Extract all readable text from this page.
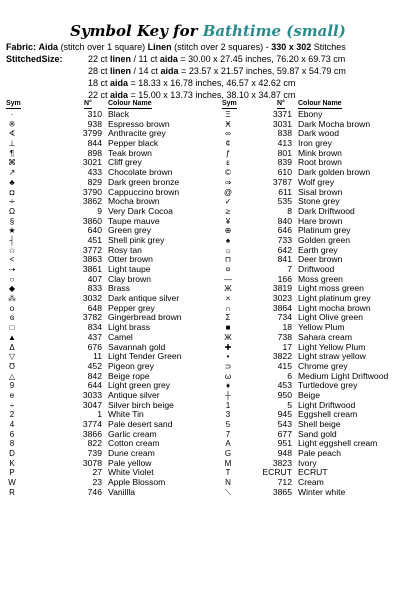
Symbol Key for Bathtime (small)
Fabric: Aida (stitch over 1 square) Linen (stitch over 2 squares) - 330 x 302 Stitches
StitchedSize:	22 ct linen / 11 ct aida = 30.00 x 27.45 inches, 76.20 x 69.73 cm
28 ct linen / 14 ct aida = 23.57 x 21.57 inches, 59.87 x 54.79 cm
18 ct aida = 18.33 x 16.78 inches, 46.57 x 42.62 cm
22 ct aida = 15.00 x 13.73 inches, 38.10 x 34.87 cm
Sym	N° Colour Name
·	310 Black
※	938 Espresso brown
∢	3799 Anthracite grey
⊥	844 Pepper black
¶	898 Teak brown
⌘	3021 Cliff grey
↗	433 Chocolate brown
♣	829 Dark green bronze
◘	3790 Cappuccino brown
∻	3862 Mocha brown
Ω	9 Very Dark Cocoa
§	3860 Taupe mauve
★	640 Green grey
┤	451 Shell pink grey
☆	3772 Rosy tan
<	3863 Otter brown
⇢	3861 Light taupe
○	407 Clay brown
◆	833 Brass
⁂	3032 Dark antique silver
o	648 Pepper grey
ɞ	3782 Gingerbread brown
□	834 Light brass
▲	437 Camel
Δ	676 Savannah gold
▽	11 Light Tender Green
Ʊ	452 Pigeon grey
△	842 Beige rope
9	644 Light green grey
e	3033 Antique silver
÷	3047 Silver birch beige
2	1 White Tin
4	3774 Pale desert sand
6	3866 Garlic cream
8	822 Cotton cream
D	739 Dune cream
K	3078 Pale yellow
P	27 White Violet
W	23 Apple Blossom
R	746 Vanillla
Sym	N° Colour Name
Ξ	3371 Ebony
Ӿ	3031 Dark Mocha brown
∞	838 Dark wood
¢	413 Iron grey
ƒ	801 Mink brown
ε	839 Root brown
©	610 Dark golden brown
⇒	3787 Wolf grey
@	611 Sisal brown
✓	535 Stone grey
≥	8 Dark Driftwood
¥	840 Hare brown
⊕	646 Platinum grey
♠	733 Golden green
☼	642 Earth grey
⊓	841 Deer brown
¤	7 Driftwood
—	166 Moss green
Ж	3819 Light moss green
×	3023 Light platinum grey
∩	3864 Light mocha brown
Σ	734 Light Olive green
■	18 Yellow Plum
Ж	738 Sahara cream
✚	17 Light Yellow Plum
•	3822 Light straw yellow
⊃	415 Chrome grey
ω	6 Medium Light Driftwood
♦	453 Turtledove grey
┼	950 Beige
1	5 Light Driftwood
3	945 Eggshell cream
5	543 Shell beige
7	677 Sand gold
A	951 Light eggshell cream
G	948 Pale peach
M	3823 Ivory
T	ECRUT ECRUT
N	712 Cream
⟍	3865 Winter white
